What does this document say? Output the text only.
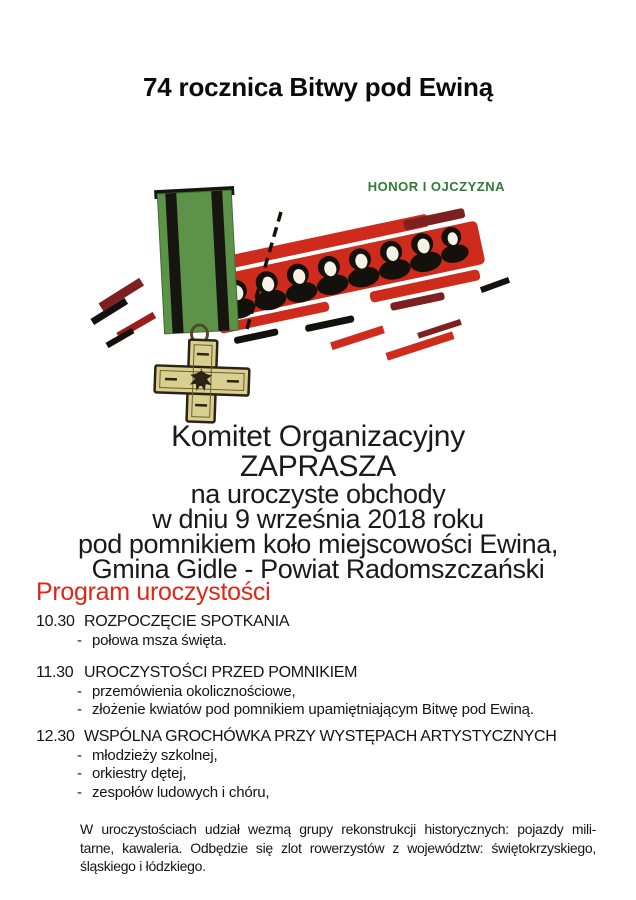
74 rocznica Bitwy pod Ewiną
HONOR I OJCZYZNA
Komitet Organizacyjny
ZAPRASZA
na uroczyste obchody
w dniu 9 września 2018 roku
pod pomnikiem koło miejscowości Ewina,
Gmina Gidle - Powiat Radomszczański
Program uroczystości
10.30 ROZPOCZĘCIE SPOTKANIA
- połowa msza święta.
11.30 UROCZYSTOŚCI PRZED POMNIKIEM
- przemówienia okolicznościowe,
- złożenie kwiatów pod pomnikiem upamiętniającym Bitwę pod Ewiną.
12.30 WSPÓLNA GROCHÓWKA PRZY WYSTĘPACH ARTYSTYCZNYCH
- młodzieży szkolnej,
- orkiestry dętej,
- zespołów ludowych i chóru,
W uroczystościach udział wezmą grupy rekonstrukcji historycznych: pojazdy mili-
tarne, kawaleria. Odbędzie się zlot rowerzystów z województw: świętokrzyskiego,
śląskiego i łódzkiego.
